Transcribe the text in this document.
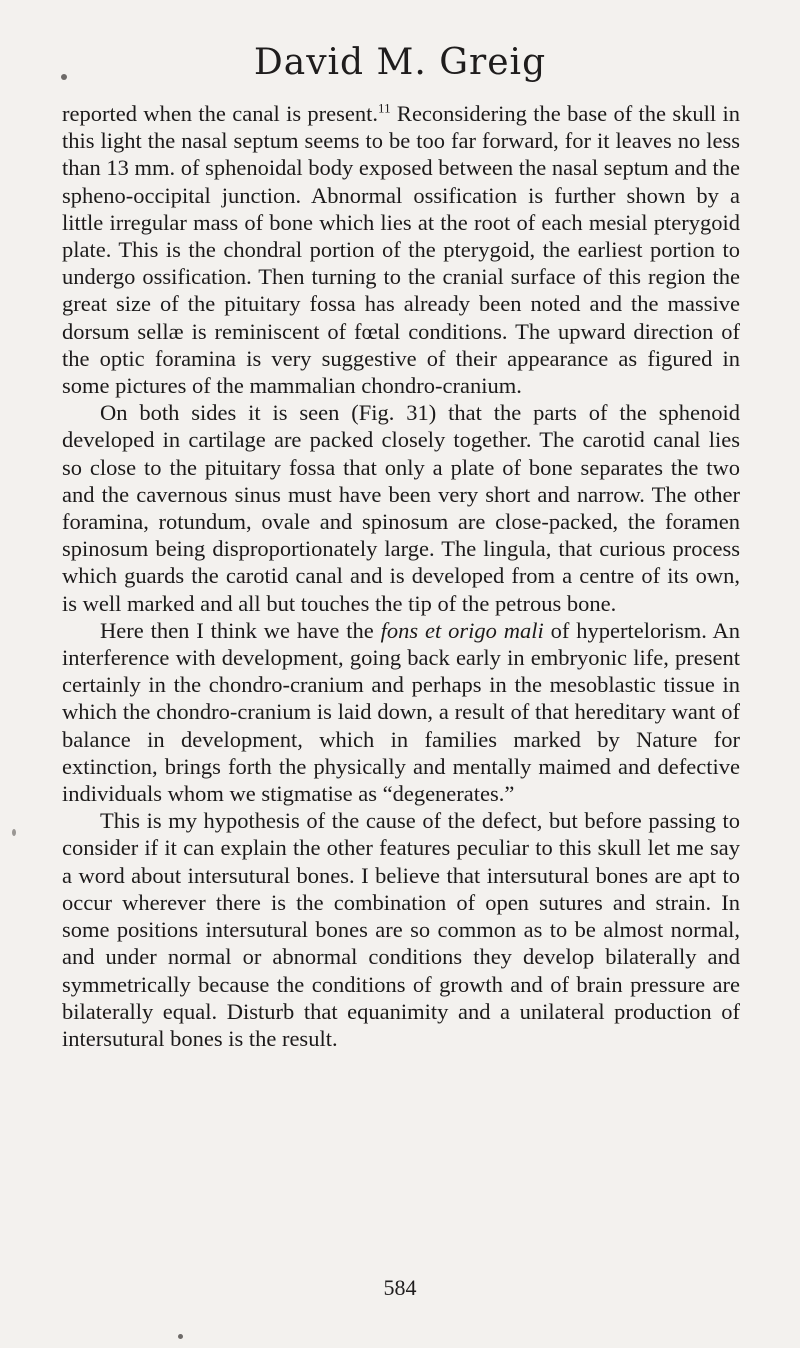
David M. Greig

reported when the canal is present.$^{11}$ Reconsidering the base of the skull in this light the nasal septum seems to be too far forward, for it leaves no less than 13 mm. of sphenoidal body exposed between the nasal septum and the spheno-occipital junction. Abnormal ossification is further shown by a little irregular mass of bone which lies at the root of each mesial pterygoid plate. This is the chondral portion of the pterygoid, the earliest portion to undergo ossification. Then turning to the cranial surface of this region the great size of the pituitary fossa has already been noted and the massive dorsum sellæ is reminiscent of fœtal conditions. The upward direction of the optic foramina is very suggestive of their appearance as figured in some pictures of the mammalian chondro-cranium.

On both sides it is seen (Fig. 31) that the parts of the sphenoid developed in cartilage are packed closely together. The carotid canal lies so close to the pituitary fossa that only a plate of bone separates the two and the cavernous sinus must have been very short and narrow. The other foramina, rotundum, ovale and spinosum are close-packed, the foramen spinosum being disproportionately large. The lingula, that curious process which guards the carotid canal and is developed from a centre of its own, is well marked and all but touches the tip of the petrous bone.

Here then I think we have the fons et origo mali of hypertelorism. An interference with development, going back early in embryonic life, present certainly in the chondro-cranium and perhaps in the mesoblastic tissue in which the chondro-cranium is laid down, a result of that hereditary want of balance in development, which in families marked by Nature for extinction, brings forth the physically and mentally maimed and defective individuals whom we stigmatise as “degenerates.”

This is my hypothesis of the cause of the defect, but before passing to consider if it can explain the other features peculiar to this skull let me say a word about intersutural bones. I believe that intersutural bones are apt to occur wherever there is the combination of open sutures and strain. In some positions intersutural bones are so common as to be almost normal, and under normal or abnormal conditions they develop bilaterally and symmetrically because the conditions of growth and of brain pressure are bilaterally equal. Disturb that equanimity and a unilateral production of intersutural bones is the result.

584
